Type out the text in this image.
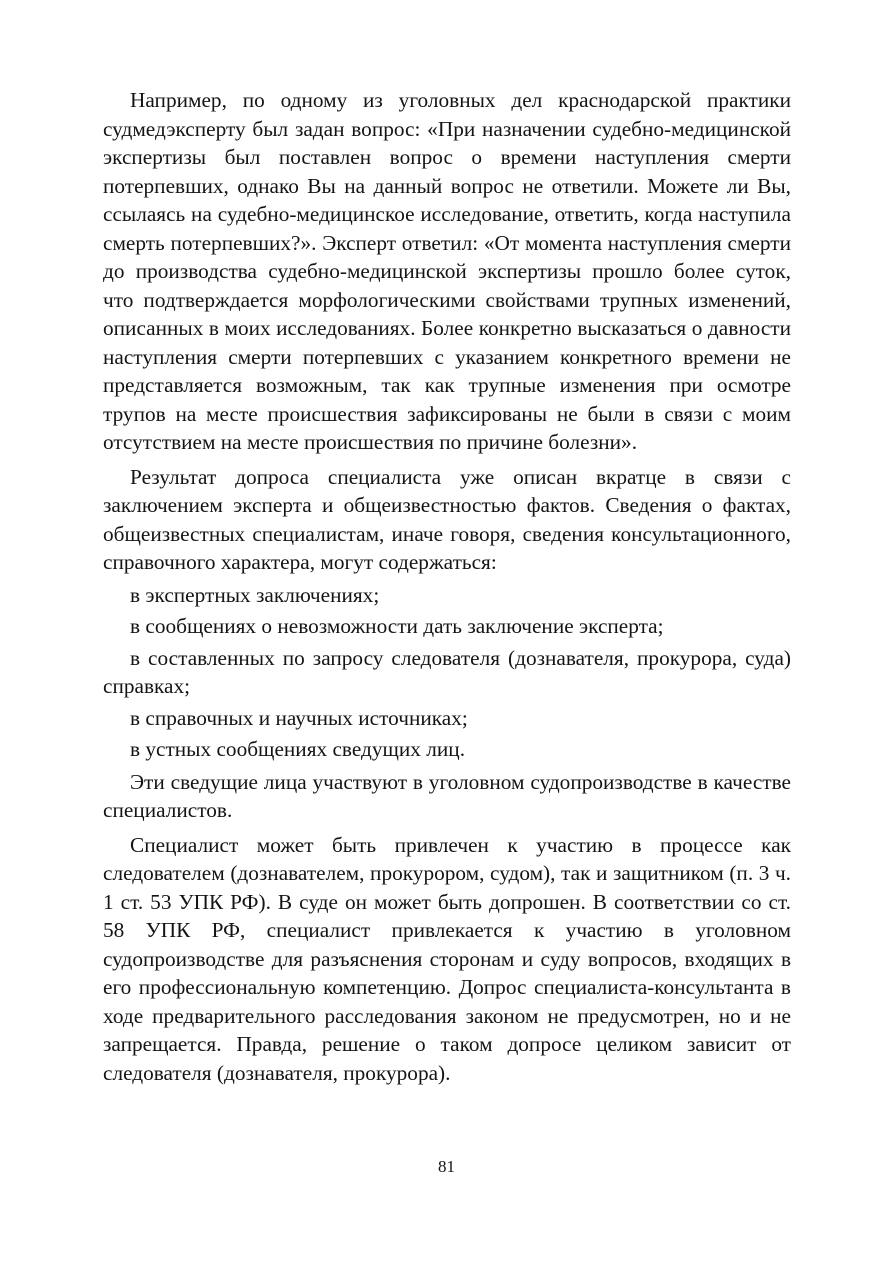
Например, по одному из уголовных дел краснодарской практики судмедэксперту был задан вопрос: «При назначении судебно-медицинской экспертизы был поставлен вопрос о времени наступления смерти потерпевших, однако Вы на данный вопрос не ответили. Можете ли Вы, ссылаясь на судебно-медицинское исследование, ответить, когда наступила смерть потерпевших?». Эксперт ответил: «От момента наступления смерти до производства судебно-медицинской экспертизы прошло более суток, что подтверждается морфологическими свойствами трупных изменений, описанных в моих исследованиях. Более конкретно высказаться о давности наступления смерти потерпевших с указанием конкретного времени не представляется возможным, так как трупные изменения при осмотре трупов на месте происшествия зафиксированы не были в связи с моим отсутствием на месте происшествия по причине болезни».

Результат допроса специалиста уже описан вкратце в связи с заключением эксперта и общеизвестностью фактов. Сведения о фактах, общеизвестных специалистам, иначе говоря, сведения консультационного, справочного характера, могут содержаться:

в экспертных заключениях;
в сообщениях о невозможности дать заключение эксперта;
в составленных по запросу следователя (дознавателя, прокурора, суда) справках;
в справочных и научных источниках;
в устных сообщениях сведущих лиц.

Эти сведущие лица участвуют в уголовном судопроизводстве в качестве специалистов.

Специалист может быть привлечен к участию в процессе как следователем (дознавателем, прокурором, судом), так и защитником (п. 3 ч. 1 ст. 53 УПК РФ). В суде он может быть допрошен. В соответствии со ст. 58 УПК РФ, специалист привлекается к участию в уголовном судопроизводстве для разъяснения сторонам и суду вопросов, входящих в его профессиональную компетенцию. Допрос специалиста-консультанта в ходе предварительного расследования законом не предусмотрен, но и не запрещается. Правда, решение о таком допросе целиком зависит от следователя (дознавателя, прокурора).

81
